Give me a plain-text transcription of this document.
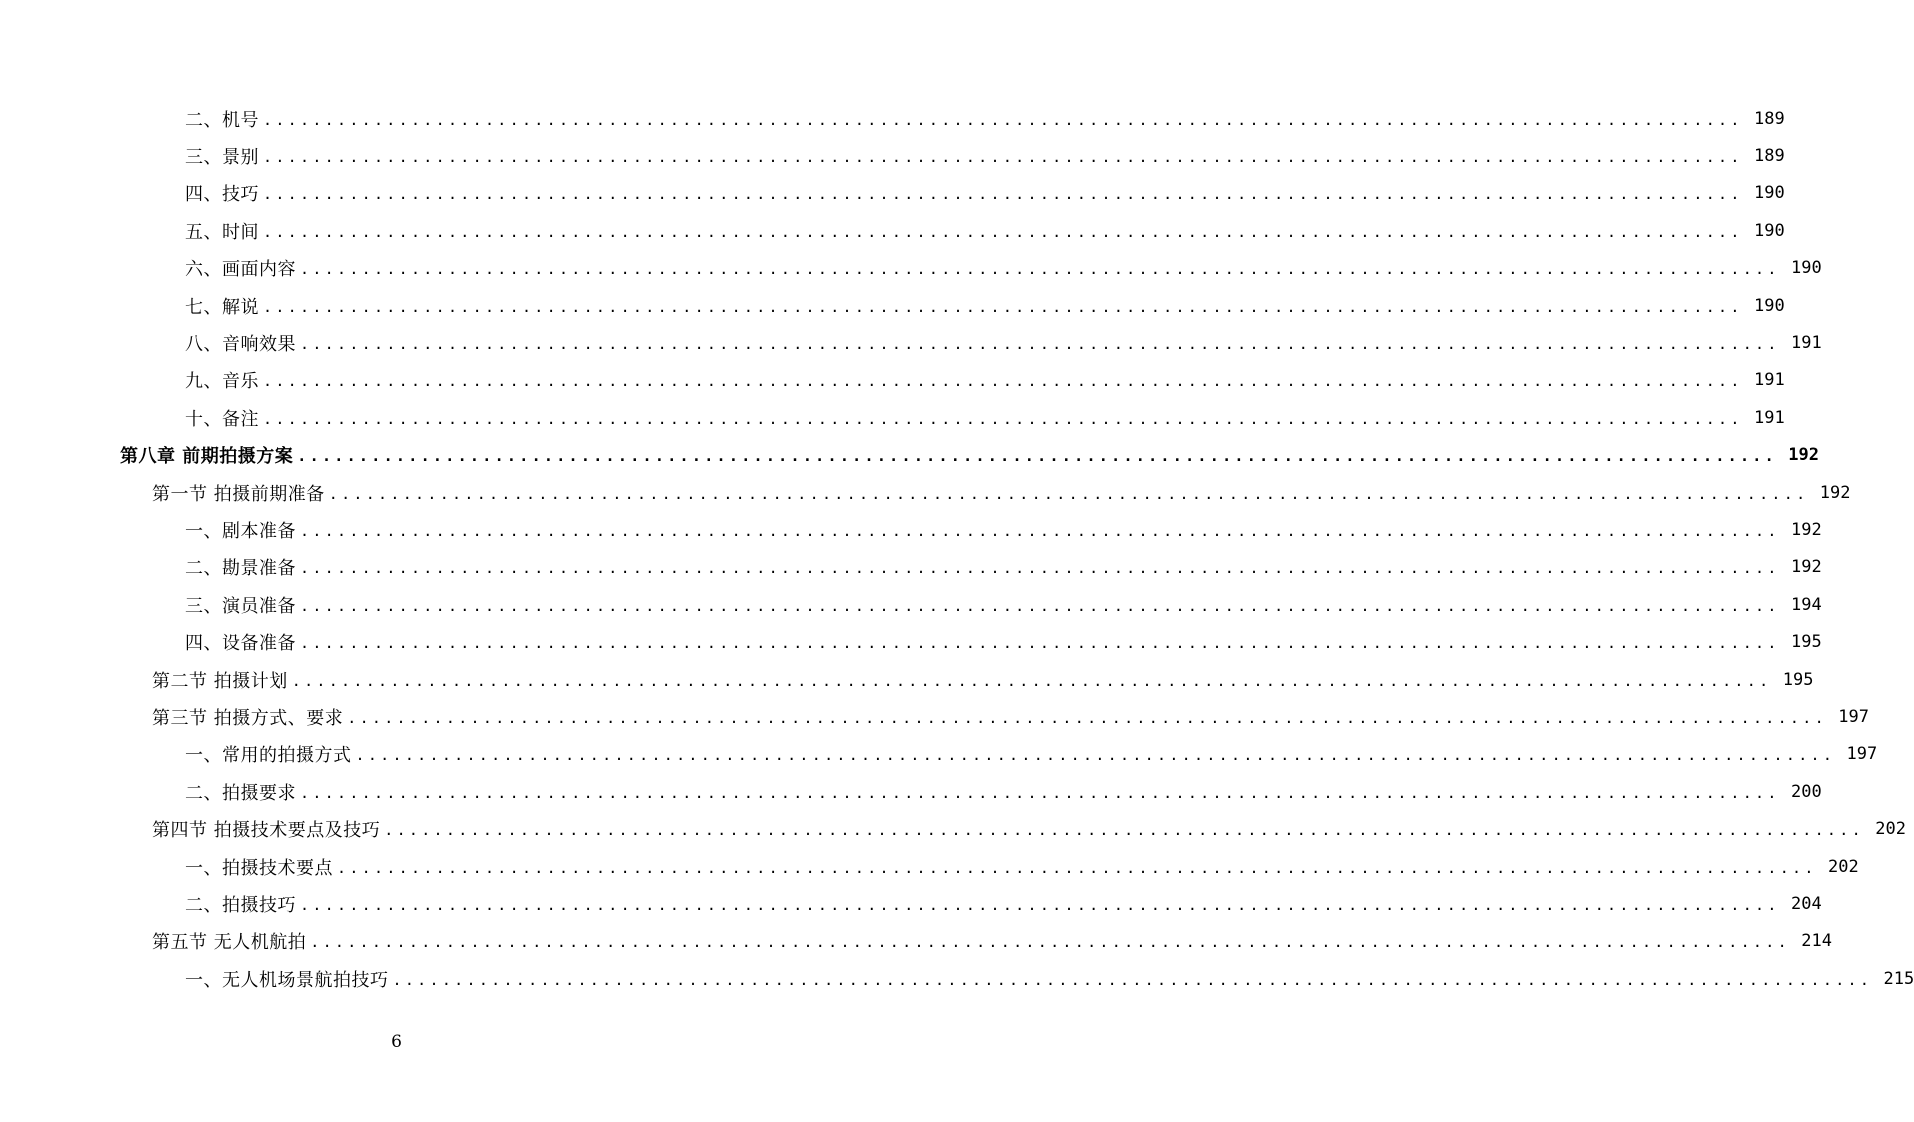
二、机号 ........................................................................................................................ 189
三、景别 ........................................................................................................................ 189
四、技巧 ........................................................................................................................ 190
五、时间 ........................................................................................................................ 190
六、画面内容 ........................................................................................................................ 190
七、解说 ........................................................................................................................ 190
八、音响效果 ........................................................................................................................ 191
九、音乐 ........................................................................................................................ 191
十、备注 ........................................................................................................................ 191
第八章 前期拍摄方案 ........................................................................................................................ 192
第一节 拍摄前期准备 ........................................................................................................................ 192
一、剧本准备 ........................................................................................................................ 192
二、勘景准备 ........................................................................................................................ 192
三、演员准备 ........................................................................................................................ 194
四、设备准备 ........................................................................................................................ 195
第二节 拍摄计划 ........................................................................................................................ 195
第三节 拍摄方式、要求 ........................................................................................................................ 197
一、常用的拍摄方式 ........................................................................................................................ 197
二、拍摄要求 ........................................................................................................................ 200
第四节 拍摄技术要点及技巧 ........................................................................................................................ 202
一、拍摄技术要点 ........................................................................................................................ 202
二、拍摄技巧 ........................................................................................................................ 204
第五节 无人机航拍 ........................................................................................................................ 214
一、无人机场景航拍技巧 ........................................................................................................................ 215
6
